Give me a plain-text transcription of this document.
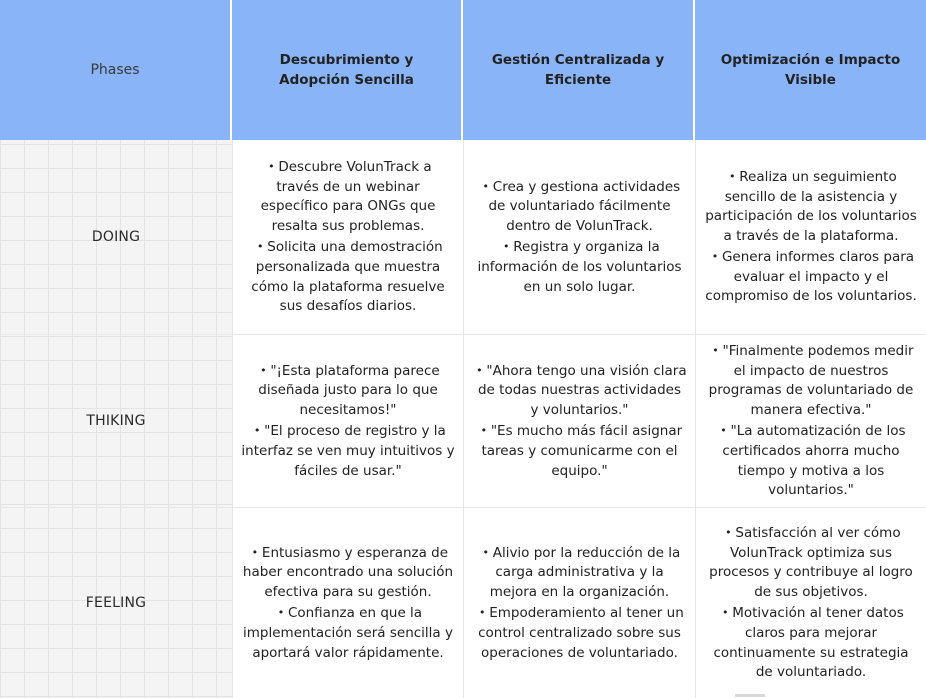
Phases
Descubrimiento y Adopción Sencilla
Gestión Centralizada y Eficiente
Optimización e Impacto Visible
DOING
• Descubre VolunTrack a través de un webinar específico para ONGs que resalta sus problemas.
• Solicita una demostración personalizada que muestra cómo la plataforma resuelve sus desafíos diarios.
• Crea y gestiona actividades de voluntariado fácilmente dentro de VolunTrack.
• Registra y organiza la información de los voluntarios en un solo lugar.
• Realiza un seguimiento sencillo de la asistencia y participación de los voluntarios a través de la plataforma.
• Genera informes claros para evaluar el impacto y el compromiso de los voluntarios.
THIKING
• "¡Esta plataforma parece diseñada justo para lo que necesitamos!"
• "El proceso de registro y la interfaz se ven muy intuitivos y fáciles de usar."
• "Ahora tengo una visión clara de todas nuestras actividades y voluntarios."
• "Es mucho más fácil asignar tareas y comunicarme con el equipo."
• "Finalmente podemos medir el impacto de nuestros programas de voluntariado de manera efectiva."
• "La automatización de los certificados ahorra mucho tiempo y motiva a los voluntarios."
FEELING
• Entusiasmo y esperanza de haber encontrado una solución efectiva para su gestión.
• Confianza en que la implementación será sencilla y aportará valor rápidamente.
• Alivio por la reducción de la carga administrativa y la mejora en la organización.
• Empoderamiento al tener un control centralizado sobre sus operaciones de voluntariado.
• Satisfacción al ver cómo VolunTrack optimiza sus procesos y contribuye al logro de sus objetivos.
• Motivación al tener datos claros para mejorar continuamente su estrategia de voluntariado.
